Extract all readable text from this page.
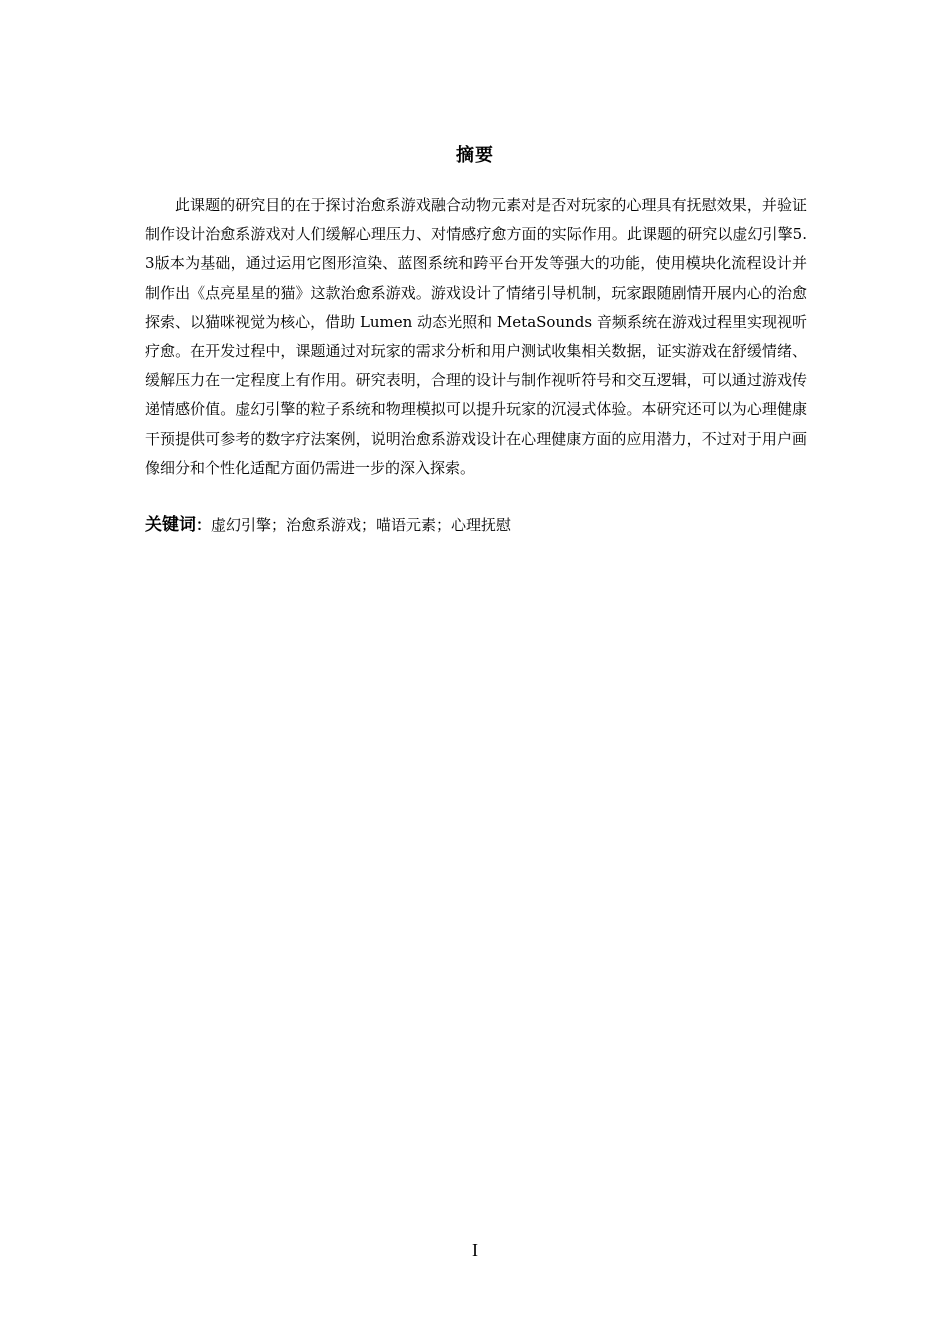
摘要

此课题的研究目的在于探讨治愈系游戏融合动物元素对是否对玩家的心理具有抚慰效果，并验证制作设计治愈系游戏对人们缓解心理压力、对情感疗愈方面的实际作用。此课题的研究以虚幻引擎5.3版本为基础，通过运用它图形渲染、蓝图系统和跨平台开发等强大的功能，使用模块化流程设计并制作出《点亮星星的猫》这款治愈系游戏。游戏设计了情绪引导机制，玩家跟随剧情开展内心的治愈探索、以猫咪视觉为核心，借助 Lumen 动态光照和 MetaSounds 音频系统在游戏过程里实现视听疗愈。在开发过程中，课题通过对玩家的需求分析和用户测试收集相关数据，证实游戏在舒缓情绪、缓解压力在一定程度上有作用。研究表明，合理的设计与制作视听符号和交互逻辑，可以通过游戏传递情感价值。虚幻引擎的粒子系统和物理模拟可以提升玩家的沉浸式体验。本研究还可以为心理健康干预提供可参考的数字疗法案例，说明治愈系游戏设计在心理健康方面的应用潜力，不过对于用户画像细分和个性化适配方面仍需进一步的深入探索。

关键词：虚幻引擎；治愈系游戏；喵语元素；心理抚慰
I
